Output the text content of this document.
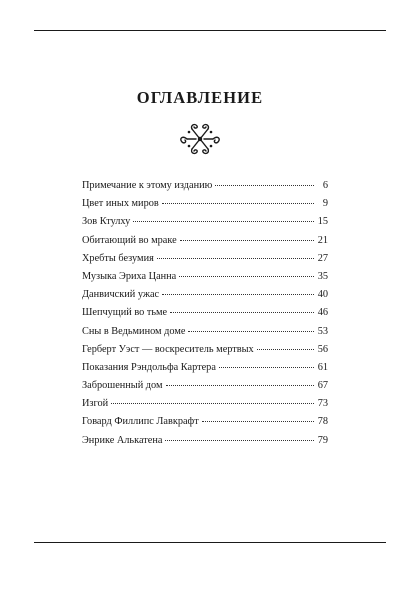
ОГЛАВЛЕНИЕ
Примечание к этому изданию	6
Цвет иных миров	9
Зов Ктулху	15
Обитающий во мраке	21
Хребты безумия	27
Музыка Эриха Цанна	35
Данвичский ужас	40
Шепчущий во тьме	46
Сны в Ведьмином доме	53
Герберт Уэст — воскреситель мертвых	56
Показания Рэндольфа Картера	61
Заброшенный дом	67
Изгой	73
Говард Филлипс Лавкрафт	78
Энрике Алькатена	79
